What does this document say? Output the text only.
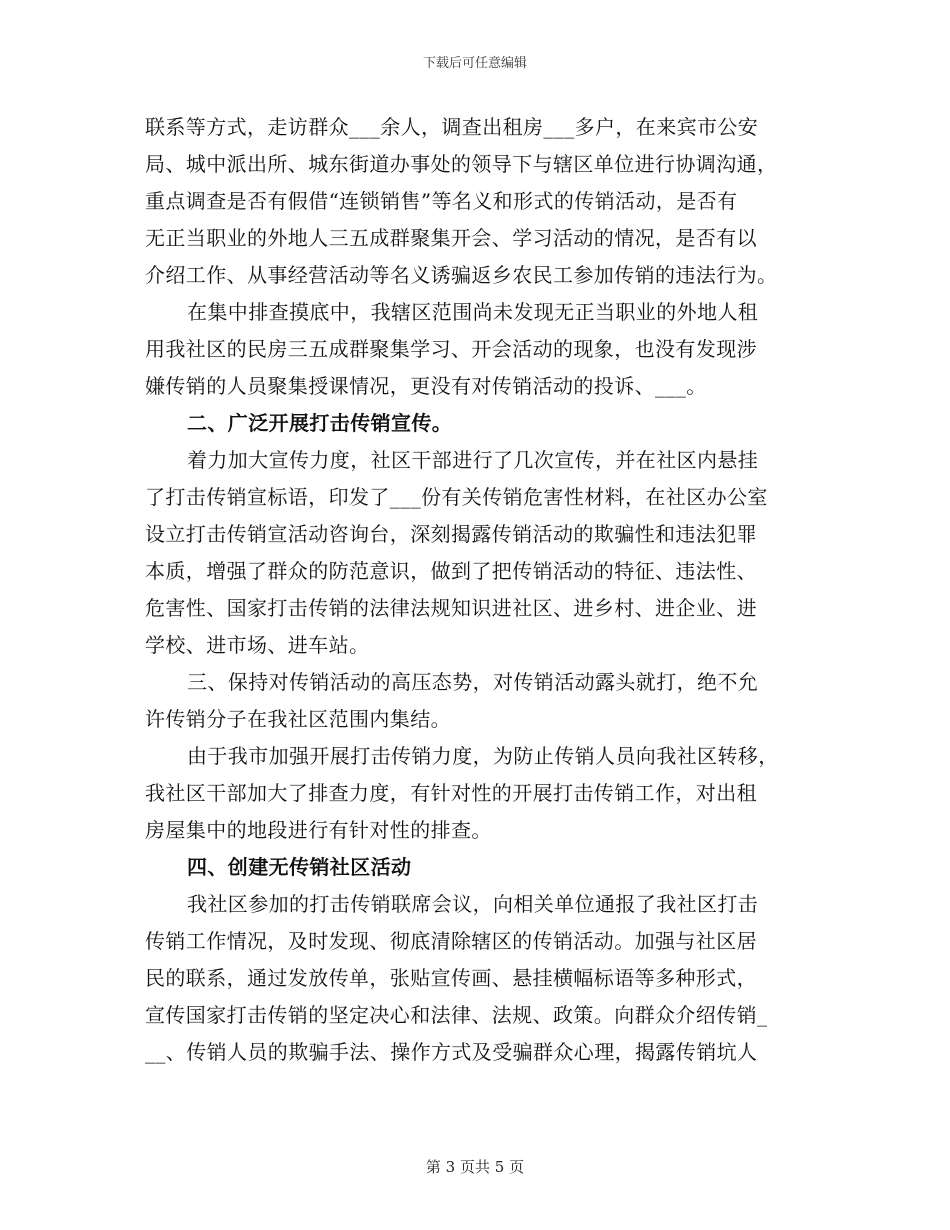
下载后可任意编辑
联系等方式，走访群众___余人，调查出租房___多户，在来宾市公安
局、城中派出所、城东街道办事处的领导下与辖区单位进行协调沟通，
重点调查是否有假借“连锁销售”等名义和形式的传销活动，是否有
无正当职业的外地人三五成群聚集开会、学习活动的情况，是否有以
介绍工作、从事经营活动等名义诱骗返乡农民工参加传销的违法行为。
在集中排查摸底中，我辖区范围尚未发现无正当职业的外地人租
用我社区的民房三五成群聚集学习、开会活动的现象，也没有发现涉
嫌传销的人员聚集授课情况，更没有对传销活动的投诉、___。
二、广泛开展打击传销宣传。
着力加大宣传力度，社区干部进行了几次宣传，并在社区内悬挂
了打击传销宣标语，印发了___份有关传销危害性材料，在社区办公室
设立打击传销宣活动咨询台，深刻揭露传销活动的欺骗性和违法犯罪
本质，增强了群众的防范意识，做到了把传销活动的特征、违法性、
危害性、国家打击传销的法律法规知识进社区、进乡村、进企业、进
学校、进市场、进车站。
三、保持对传销活动的高压态势，对传销活动露头就打，绝不允
许传销分子在我社区范围内集结。
由于我市加强开展打击传销力度，为防止传销人员向我社区转移，
我社区干部加大了排查力度，有针对性的开展打击传销工作，对出租
房屋集中的地段进行有针对性的排查。
四、创建无传销社区活动
我社区参加的打击传销联席会议，向相关单位通报了我社区打击
传销工作情况，及时发现、彻底清除辖区的传销活动。加强与社区居
民的联系，通过发放传单，张贴宣传画、悬挂横幅标语等多种形式，
宣传国家打击传销的坚定决心和法律、法规、政策。向群众介绍传销_
__、传销人员的欺骗手法、操作方式及受骗群众心理，揭露传销坑人
第 3 页共 5 页
